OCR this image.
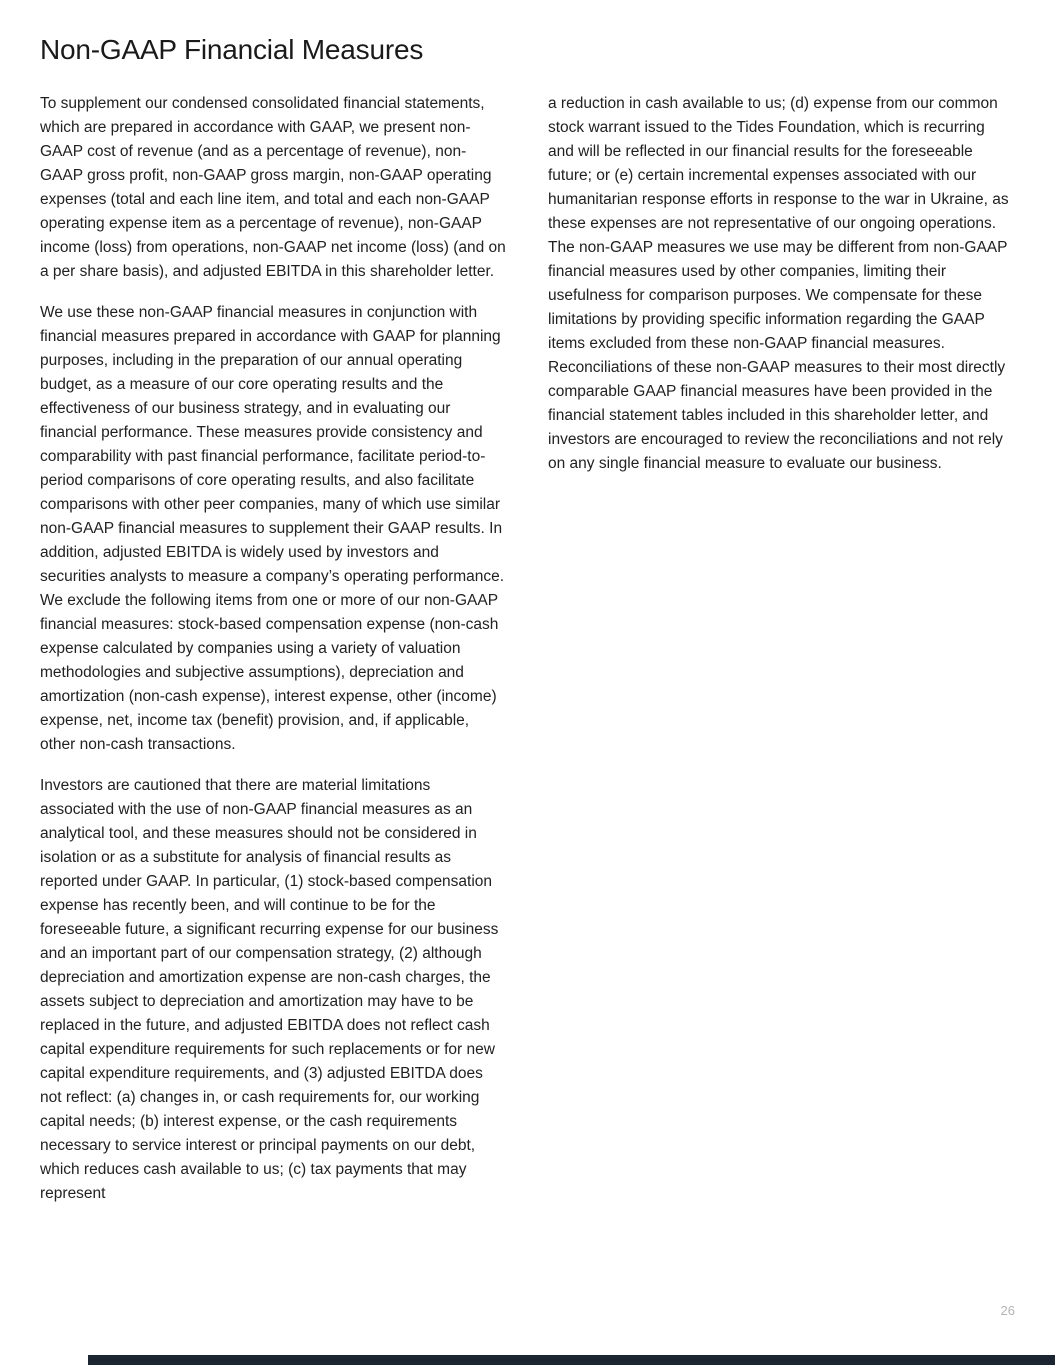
Non-GAAP Financial Measures

To supplement our condensed consolidated financial statements, which are prepared in accordance with GAAP, we present non-GAAP cost of revenue (and as a percentage of revenue), non-GAAP gross profit, non-GAAP gross margin, non-GAAP operating expenses (total and each line item, and total and each non-GAAP operating expense item as a percentage of revenue), non-GAAP income (loss) from operations, non-GAAP net income (loss) (and on a per share basis), and adjusted EBITDA in this shareholder letter.

We use these non-GAAP financial measures in conjunction with financial measures prepared in accordance with GAAP for planning purposes, including in the preparation of our annual operating budget, as a measure of our core operating results and the effectiveness of our business strategy, and in evaluating our financial performance. These measures provide consistency and comparability with past financial performance, facilitate period-to-period comparisons of core operating results, and also facilitate comparisons with other peer companies, many of which use similar non-GAAP financial measures to supplement their GAAP results. In addition, adjusted EBITDA is widely used by investors and securities analysts to measure a company’s operating performance. We exclude the following items from one or more of our non-GAAP financial measures: stock-based compensation expense (non-cash expense calculated by companies using a variety of valuation methodologies and subjective assumptions), depreciation and amortization (non-cash expense), interest expense, other (income) expense, net, income tax (benefit) provision, and, if applicable, other non-cash transactions.

Investors are cautioned that there are material limitations associated with the use of non-GAAP financial measures as an analytical tool, and these measures should not be considered in isolation or as a substitute for analysis of financial results as reported under GAAP. In particular, (1) stock-based compensation expense has recently been, and will continue to be for the foreseeable future, a significant recurring expense for our business and an important part of our compensation strategy, (2) although depreciation and amortization expense are non-cash charges, the assets subject to depreciation and amortization may have to be replaced in the future, and adjusted EBITDA does not reflect cash capital expenditure requirements for such replacements or for new capital expenditure requirements, and (3) adjusted EBITDA does not reflect: (a) changes in, or cash requirements for, our working capital needs; (b) interest expense, or the cash requirements necessary to service interest or principal payments on our debt, which reduces cash available to us; (c) tax payments that may represent

a reduction in cash available to us; (d) expense from our common stock warrant issued to the Tides Foundation, which is recurring and will be reflected in our financial results for the foreseeable future; or (e) certain incremental expenses associated with our humanitarian response efforts in response to the war in Ukraine, as these expenses are not representative of our ongoing operations. The non-GAAP measures we use may be different from non-GAAP financial measures used by other companies, limiting their usefulness for comparison purposes. We compensate for these limitations by providing specific information regarding the GAAP items excluded from these non-GAAP financial measures. Reconciliations of these non-GAAP measures to their most directly comparable GAAP financial measures have been provided in the financial statement tables included in this shareholder letter, and investors are encouraged to review the reconciliations and not rely on any single financial measure to evaluate our business.

26
